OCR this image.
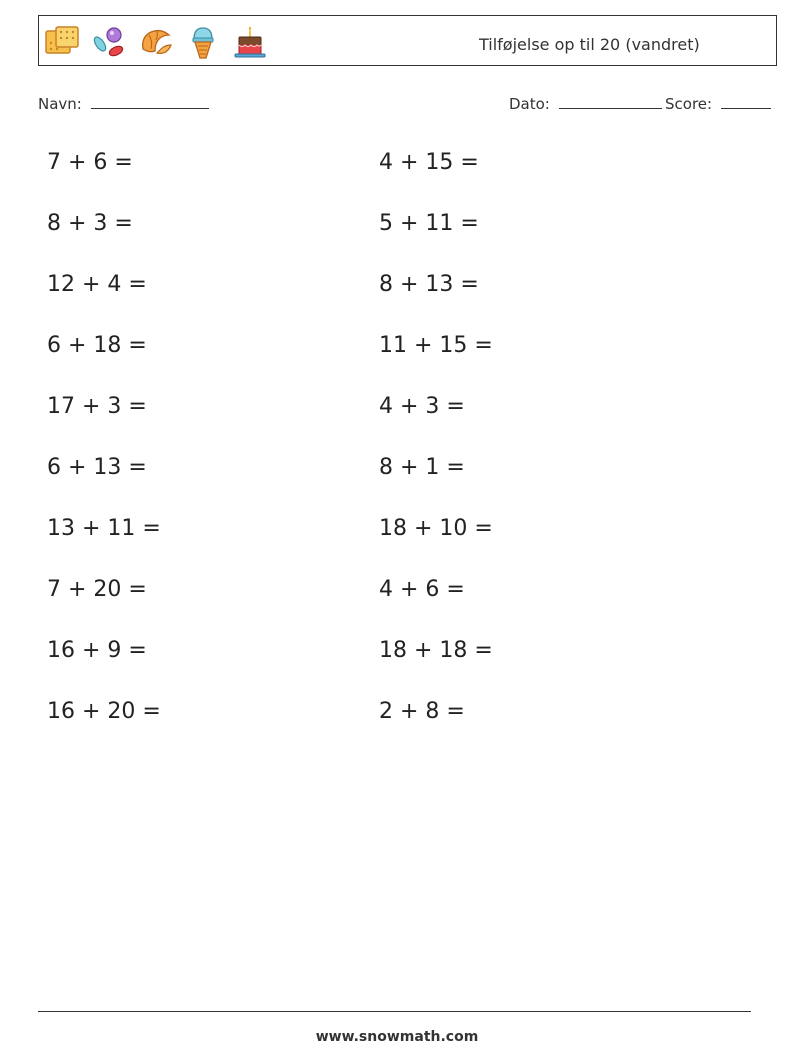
Tilføjelse op til 20 (vandret)
Navn:	Dato:	Score:
7 + 6 =
8 + 3 =
12 + 4 =
6 + 18 =
17 + 3 =
6 + 13 =
13 + 11 =
7 + 20 =
16 + 9 =
16 + 20 =
4 + 15 =
5 + 11 =
8 + 13 =
11 + 15 =
4 + 3 =
8 + 1 =
18 + 10 =
4 + 6 =
18 + 18 =
2 + 8 =
www.snowmath.com
